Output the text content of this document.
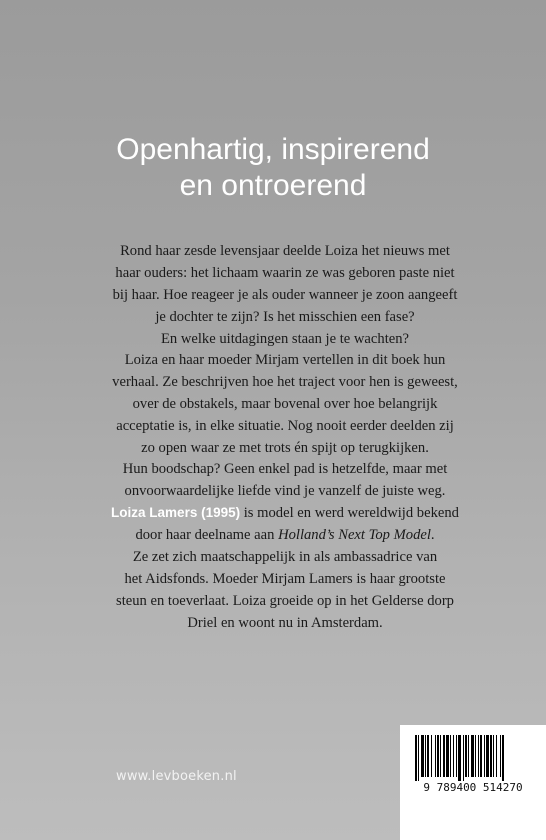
Openhartig, inspirerend
en ontroerend

Rond haar zesde levensjaar deelde Loiza het nieuws met
haar ouders: het lichaam waarin ze was geboren paste niet
bij haar. Hoe reageer je als ouder wanneer je zoon aangeeft
je dochter te zijn? Is het misschien een fase?
En welke uitdagingen staan je te wachten?

Loiza en haar moeder Mirjam vertellen in dit boek hun
verhaal. Ze beschrijven hoe het traject voor hen is geweest,
over de obstakels, maar bovenal over hoe belangrijk
acceptatie is, in elke situatie. Nog nooit eerder deelden zij
zo open waar ze met trots én spijt op terugkijken.

Hun boodschap? Geen enkel pad is hetzelfde, maar met
onvoorwaardelijke liefde vind je vanzelf de juiste weg.

Loiza Lamers (1995) is model en werd wereldwijd bekend
door haar deelname aan Holland’s Next Top Model.
Ze zet zich maatschappelijk in als ambassadrice van
het Aidsfonds. Moeder Mirjam Lamers is haar grootste
steun en toeverlaat. Loiza groeide op in het Gelderse dorp
Driel en woont nu in Amsterdam.

www.levboeken.nl
9 789400 514270
